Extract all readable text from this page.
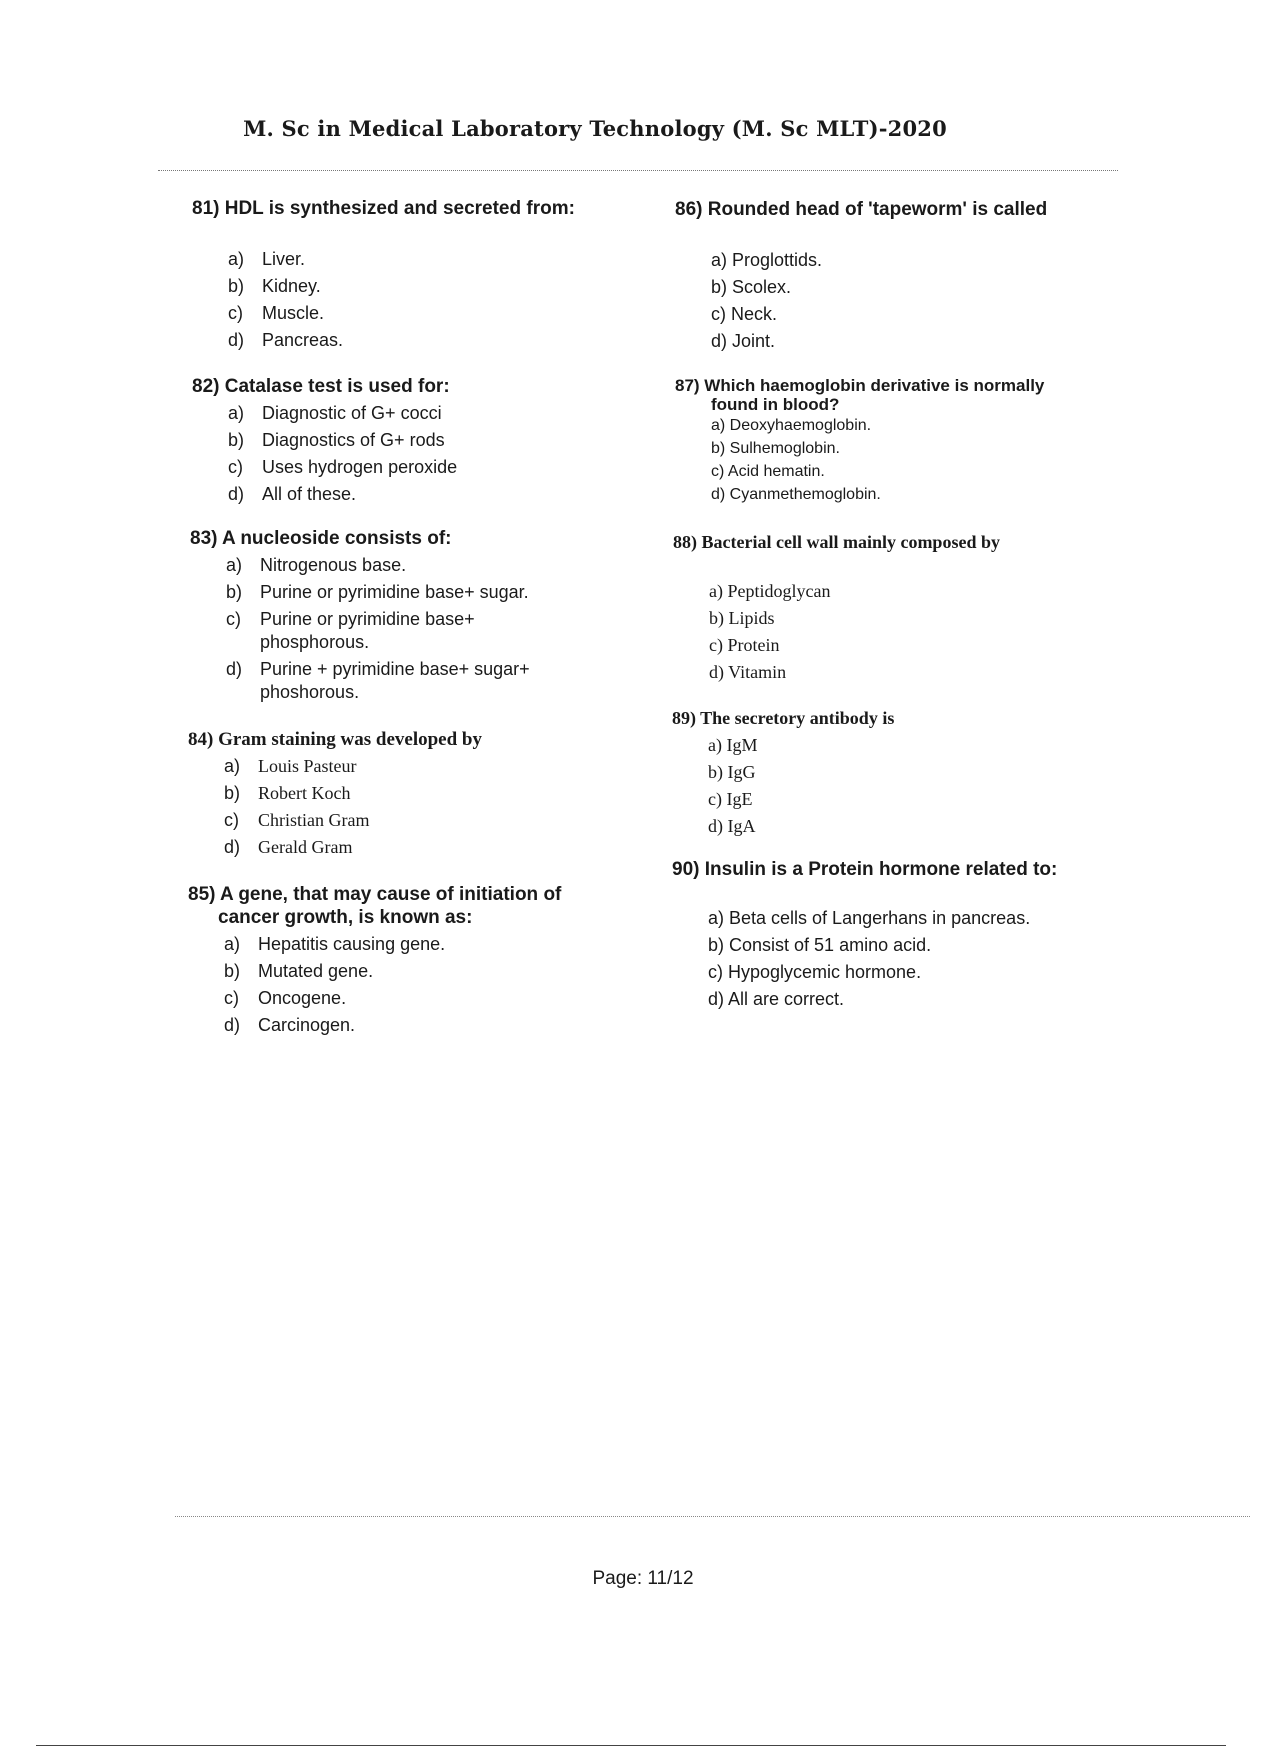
M. Sc in Medical Laboratory Technology (M. Sc MLT)-2020
81) HDL is synthesized and secreted from:
a) Liver.
b) Kidney.
c)	Muscle.
d) Pancreas.
82) Catalase test is used for:
a) Diagnostic of G+ cocci
b) Diagnostics of G+ rods
c)	Uses hydrogen peroxide
d) All of these.
83) A nucleoside consists of:
a) Nitrogenous base.
b) Purine or pyrimidine base+ sugar.
c)	Purine or pyrimidine base+ phosphorous.
d) Purine + pyrimidine base+ sugar+ phoshorous.
84) Gram staining was developed by
a) Louis Pasteur
b) Robert Koch
c)	Christian Gram
d) Gerald Gram
85) A gene, that may cause of initiation of
cancer growth, is known as:
a) Hepatitis causing gene.
b) Mutated gene.
c)	Oncogene.
d) Carcinogen.
86) Rounded head of 'tapeworm' is called
a) Proglottids.
b) Scolex.
c) Neck.
d) Joint.
87) Which haemoglobin derivative is normally
found in blood?
a) Deoxyhaemoglobin.
b) Sulhemoglobin.
c) Acid hematin.
d) Cyanmethemoglobin.
88) Bacterial cell wall mainly composed by
a) Peptidoglycan
b) Lipids
c) Protein
d) Vitamin
89) The secretory antibody is
a) IgM
b) IgG
c) IgE
d) IgA
90) Insulin is a Protein hormone related to:
a) Beta cells of Langerhans in pancreas.
b) Consist of 51 amino acid.
c) Hypoglycemic hormone.
d) All are correct.
Page: 11/12
